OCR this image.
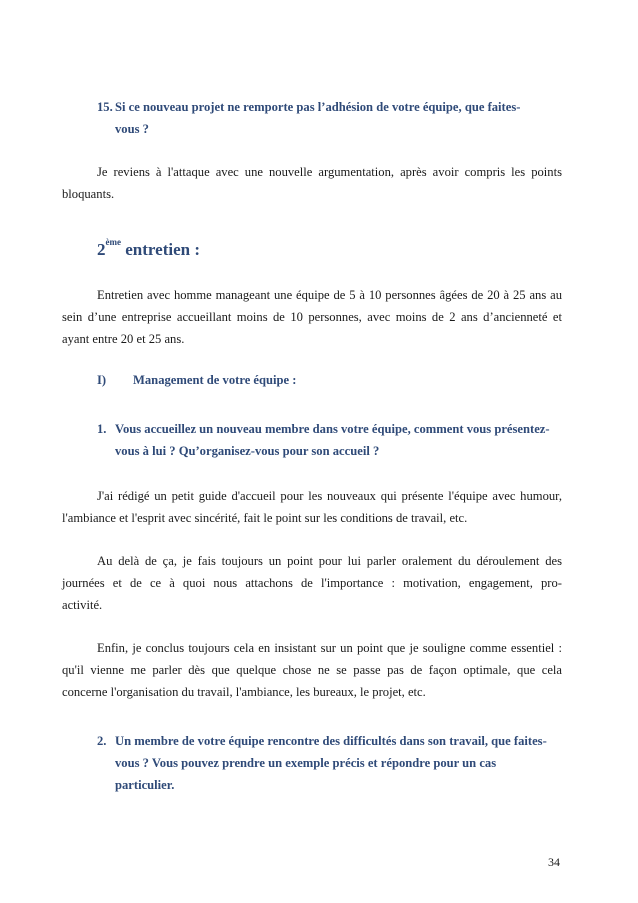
15. Si ce nouveau projet ne remporte pas l’adhésion de votre équipe, que faites-
vous ?
Je reviens à l'attaque avec une nouvelle argumentation, après avoir compris les points
bloquants.
2ème entretien :
Entretien avec homme manageant une équipe de 5 à 10 personnes âgées de 20 à 25 ans au
sein d’une entreprise accueillant moins de 10 personnes, avec moins de 2 ans d’ancienneté et
ayant entre 20 et 25 ans.
I) Management de votre équipe :
1. Vous accueillez un nouveau membre dans votre équipe, comment vous présentez-
vous à lui ? Qu’organisez-vous pour son accueil ?
J'ai rédigé un petit guide d'accueil pour les nouveaux qui présente l'équipe avec humour,
l'ambiance et l'esprit avec sincérité, fait le point sur les conditions de travail, etc.
Au delà de ça, je fais toujours un point pour lui parler oralement du déroulement des
journées et de ce à quoi nous attachons de l'importance : motivation, engagement, pro-
activité.
Enfin, je conclus toujours cela en insistant sur un point que je souligne comme essentiel :
qu'il vienne me parler dès que quelque chose ne se passe pas de façon optimale, que cela
concerne l'organisation du travail, l'ambiance, les bureaux, le projet, etc.
2. Un membre de votre équipe rencontre des difficultés dans son travail, que faites-
vous ? Vous pouvez prendre un exemple précis et répondre pour un cas
particulier.
34
